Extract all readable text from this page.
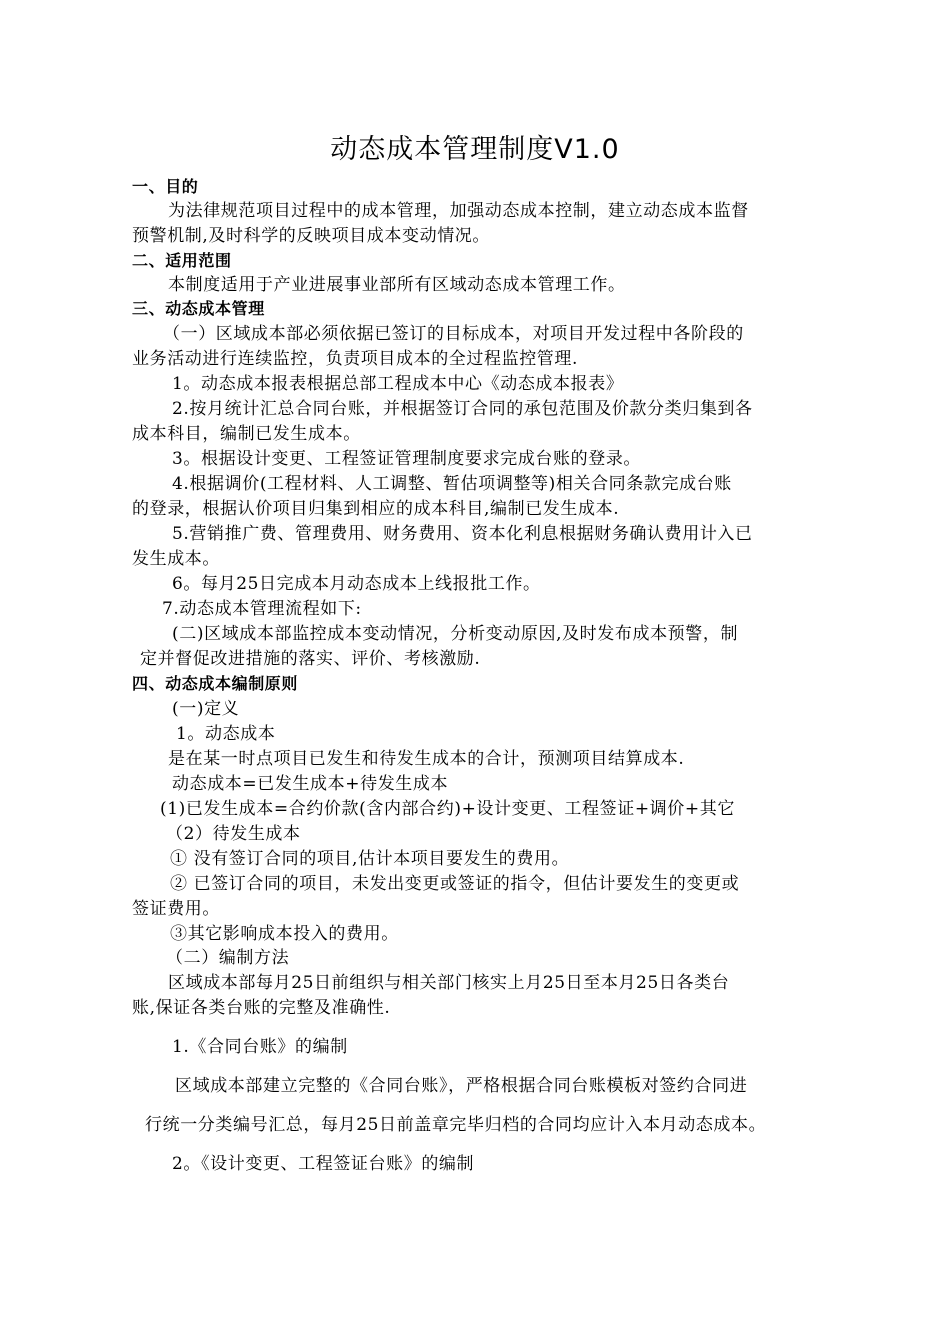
动态成本管理制度V1.0
一、目的
为法律规范项目过程中的成本管理，加强动态成本控制，建立动态成本监督
预警机制,及时科学的反映项目成本变动情况。
二、适用范围
本制度适用于产业进展事业部所有区域动态成本管理工作。
三、动态成本管理
（一）区域成本部必须依据已签订的目标成本，对项目开发过程中各阶段的
业务活动进行连续监控，负责项目成本的全过程监控管理.
1。动态成本报表根据总部工程成本中心《动态成本报表》
2.按月统计汇总合同台账，并根据签订合同的承包范围及价款分类归集到各
成本科目，编制已发生成本。
3。根据设计变更、工程签证管理制度要求完成台账的登录。
4.根据调价(工程材料、人工调整、暂估项调整等)相关合同条款完成台账
的登录，根据认价项目归集到相应的成本科目,编制已发生成本.
5.营销推广费、管理费用、财务费用、资本化利息根据财务确认费用计入已
发生成本。
6。每月25日完成本月动态成本上线报批工作。
7.动态成本管理流程如下:
(二)区域成本部监控成本变动情况，分析变动原因,及时发布成本预警，制
定并督促改进措施的落实、评价、考核激励.
四、动态成本编制原则
(一)定义
1。动态成本
是在某一时点项目已发生和待发生成本的合计，预测项目结算成本.
动态成本=已发生成本+待发生成本
(1)已发生成本=合约价款(含内部合约)+设计变更、工程签证+调价+其它
（2）待发生成本
① 没有签订合同的项目,估计本项目要发生的费用。
② 已签订合同的项目，未发出变更或签证的指令，但估计要发生的变更或
签证费用。
③其它影响成本投入的费用。
（二）编制方法
区域成本部每月25日前组织与相关部门核实上月25日至本月25日各类台
账,保证各类台账的完整及准确性.
1.《合同台账》的编制
区域成本部建立完整的《合同台账》，严格根据合同台账模板对签约合同进
行统一分类编号汇总，每月25日前盖章完毕归档的合同均应计入本月动态成本。
2。《设计变更、工程签证台账》的编制
